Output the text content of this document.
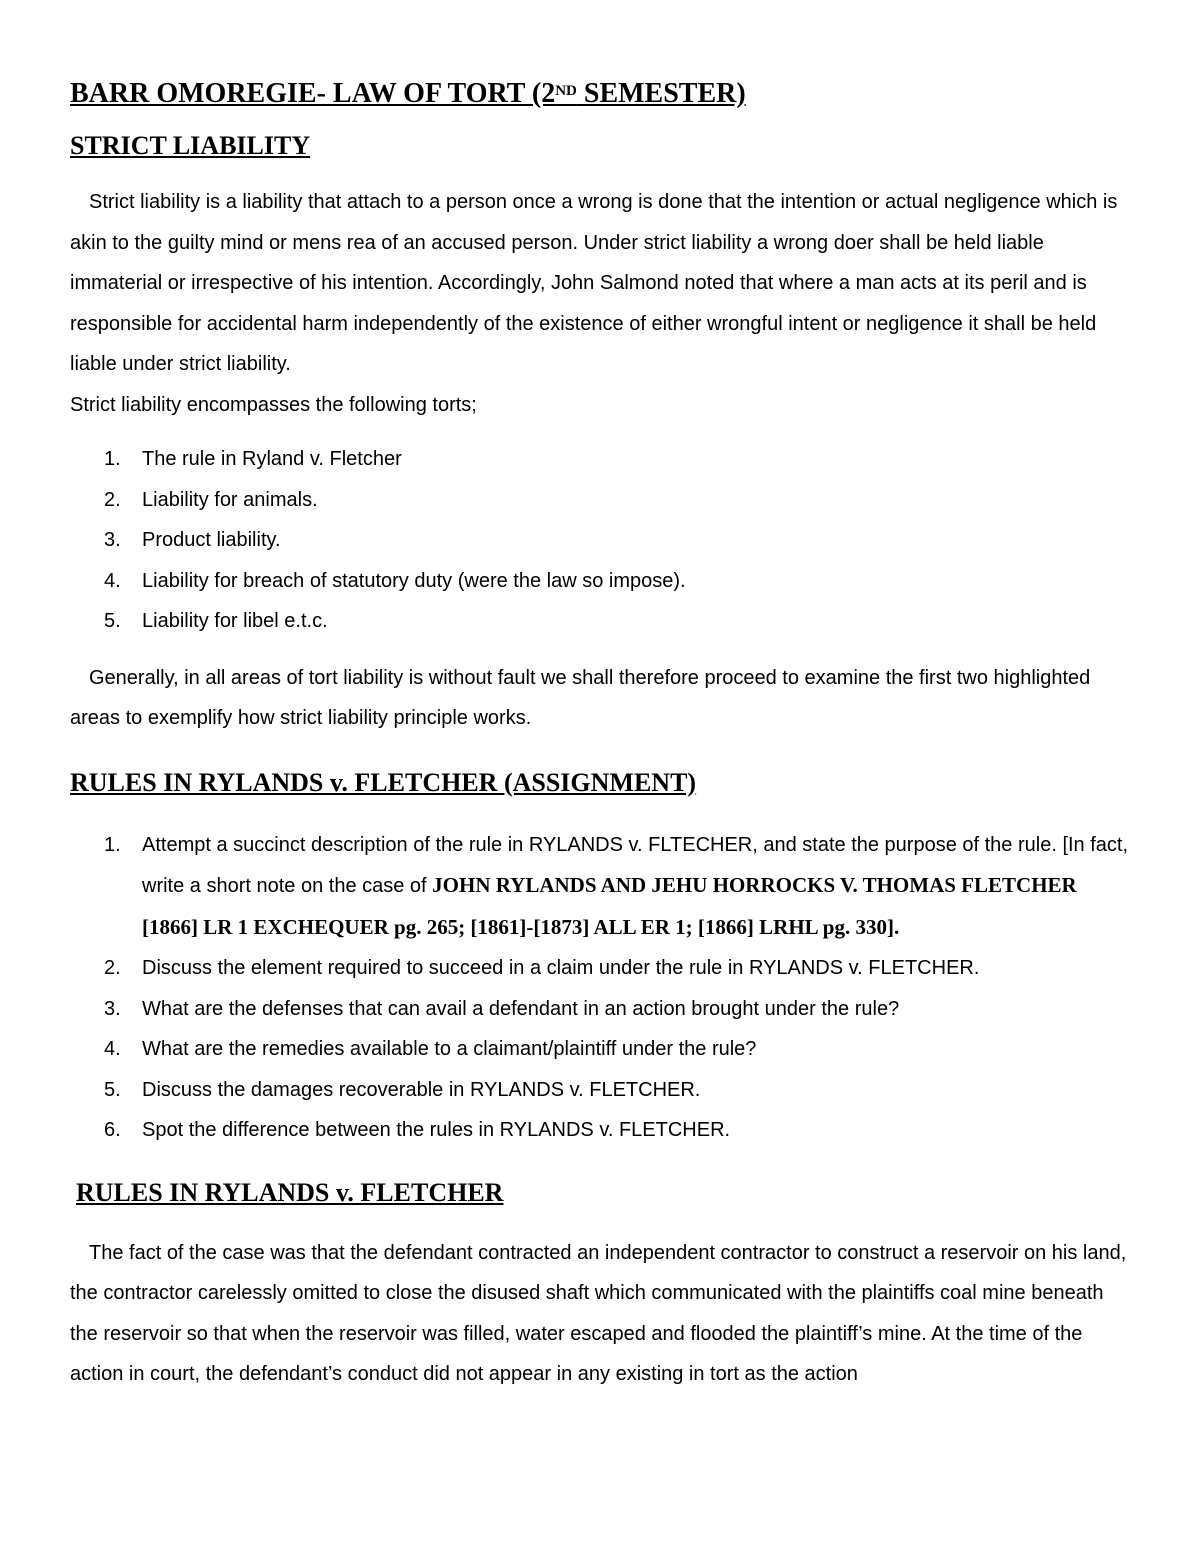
BARR OMOREGIE- LAW OF TORT (2ND SEMESTER)
STRICT LIABILITY

Strict liability is a liability that attach to a person once a wrong is done that the intention or actual negligence which is akin to the guilty mind or mens rea of an accused person. Under strict liability a wrong doer shall be held liable immaterial or irrespective of his intention. Accordingly, John Salmond noted that where a man acts at its peril and is responsible for accidental harm independently of the existence of either wrongful intent or negligence it shall be held liable under strict liability.

Strict liability encompasses the following torts;

1. The rule in Ryland v. Fletcher
2. Liability for animals.
3. Product liability.
4. Liability for breach of statutory duty (were the law so impose).
5. Liability for libel e.t.c.

Generally, in all areas of tort liability is without fault we shall therefore proceed to examine the first two highlighted areas to exemplify how strict liability principle works.

RULES IN RYLANDS v. FLETCHER (ASSIGNMENT)
1. Attempt a succinct description of the rule in RYLANDS v. FLTECHER, and state the purpose of the rule. [In fact, write a short note on the case of JOHN RYLANDS AND JEHU HORROCKS V. THOMAS FLETCHER [1866] LR 1 EXCHEQUER pg. 265; [1861]-[1873] ALL ER 1; [1866] LRHL pg. 330].
2. Discuss the element required to succeed in a claim under the rule in RYLANDS v. FLETCHER.
3. What are the defenses that can avail a defendant in an action brought under the rule?
4. What are the remedies available to a claimant/plaintiff under the rule?
5. Discuss the damages recoverable in RYLANDS v. FLETCHER.
6. Spot the difference between the rules in RYLANDS v. FLETCHER.
RULES IN RYLANDS v. FLETCHER

The fact of the case was that the defendant contracted an independent contractor to construct a reservoir on his land, the contractor carelessly omitted to close the disused shaft which communicated with the plaintiffs coal mine beneath the reservoir so that when the reservoir was filled, water escaped and flooded the plaintiff’s mine. At the time of the action in court, the defendant’s conduct did not appear in any existing in tort as the action
